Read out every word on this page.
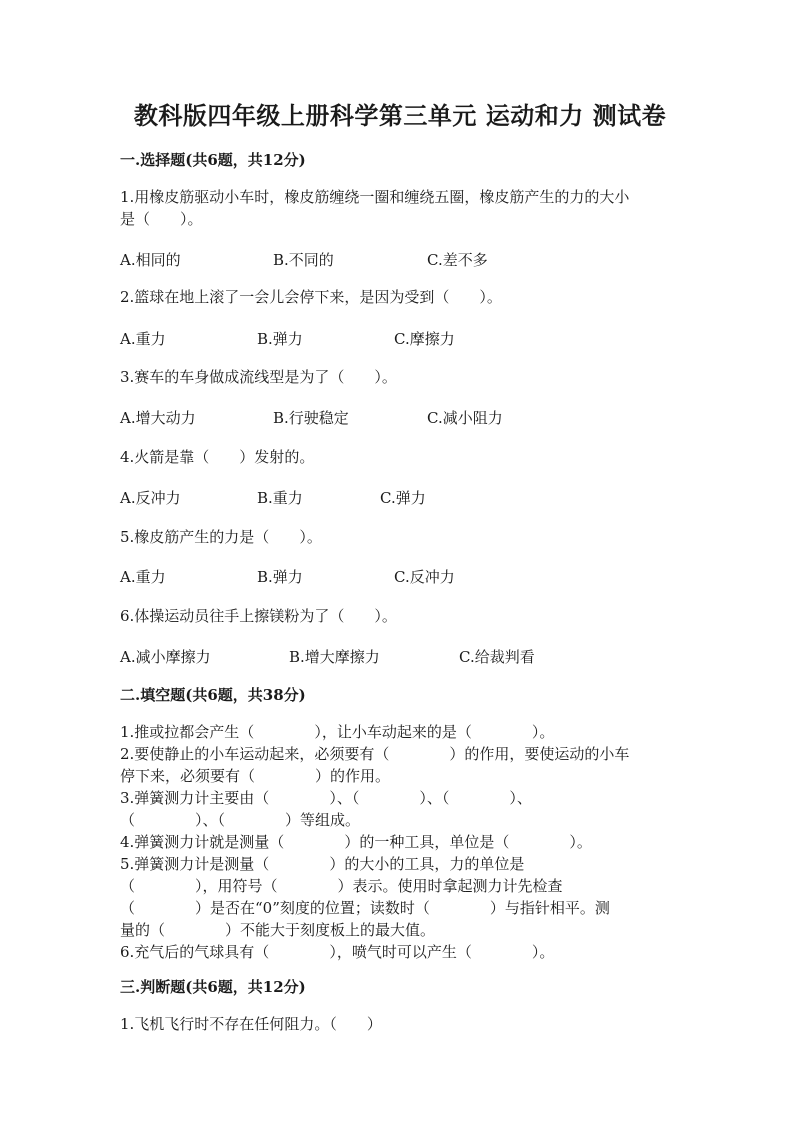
教科版四年级上册科学第三单元 运动和力 测试卷
一.选择题(共6题，共12分)
1.用橡皮筋驱动小车时，橡皮筋缠绕一圈和缠绕五圈，橡皮筋产生的力的大小
是（　　）。
A.相同的	B.不同的	C.差不多
2.篮球在地上滚了一会儿会停下来，是因为受到（　　）。
A.重力	B.弹力	C.摩擦力
3.赛车的车身做成流线型是为了（　　）。
A.增大动力	B.行驶稳定	C.减小阻力
4.火箭是靠（　　）发射的。
A.反冲力	B.重力	C.弹力
5.橡皮筋产生的力是（　　）。
A.重力	B.弹力	C.反冲力
6.体操运动员往手上擦镁粉为了（　　）。
A.减小摩擦力	B.增大摩擦力	C.给裁判看
二.填空题(共6题，共38分)
1.推或拉都会产生（　　　　），让小车动起来的是（　　　　）。
2.要使静止的小车运动起来，必须要有（　　　　）的作用，要使运动的小车
停下来，必须要有（　　　　）的作用。
3.弹簧测力计主要由（　　　　）、（　　　　）、（　　　　）、
（　　　　）、（　　　　）等组成。
4.弹簧测力计就是测量（　　　　）的一种工具，单位是（　　　　）。
5.弹簧测力计是测量（　　　　）的大小的工具，力的单位是
（　　　　），用符号（　　　　）表示。使用时拿起测力计先检查
（　　　　）是否在“0”刻度的位置；读数时（　　　　）与指针相平。测
量的（　　　　）不能大于刻度板上的最大值。
6.充气后的气球具有（　　　　），喷气时可以产生（　　　　）。
三.判断题(共6题，共12分)
1.飞机飞行时不存在任何阻力。（　　）
